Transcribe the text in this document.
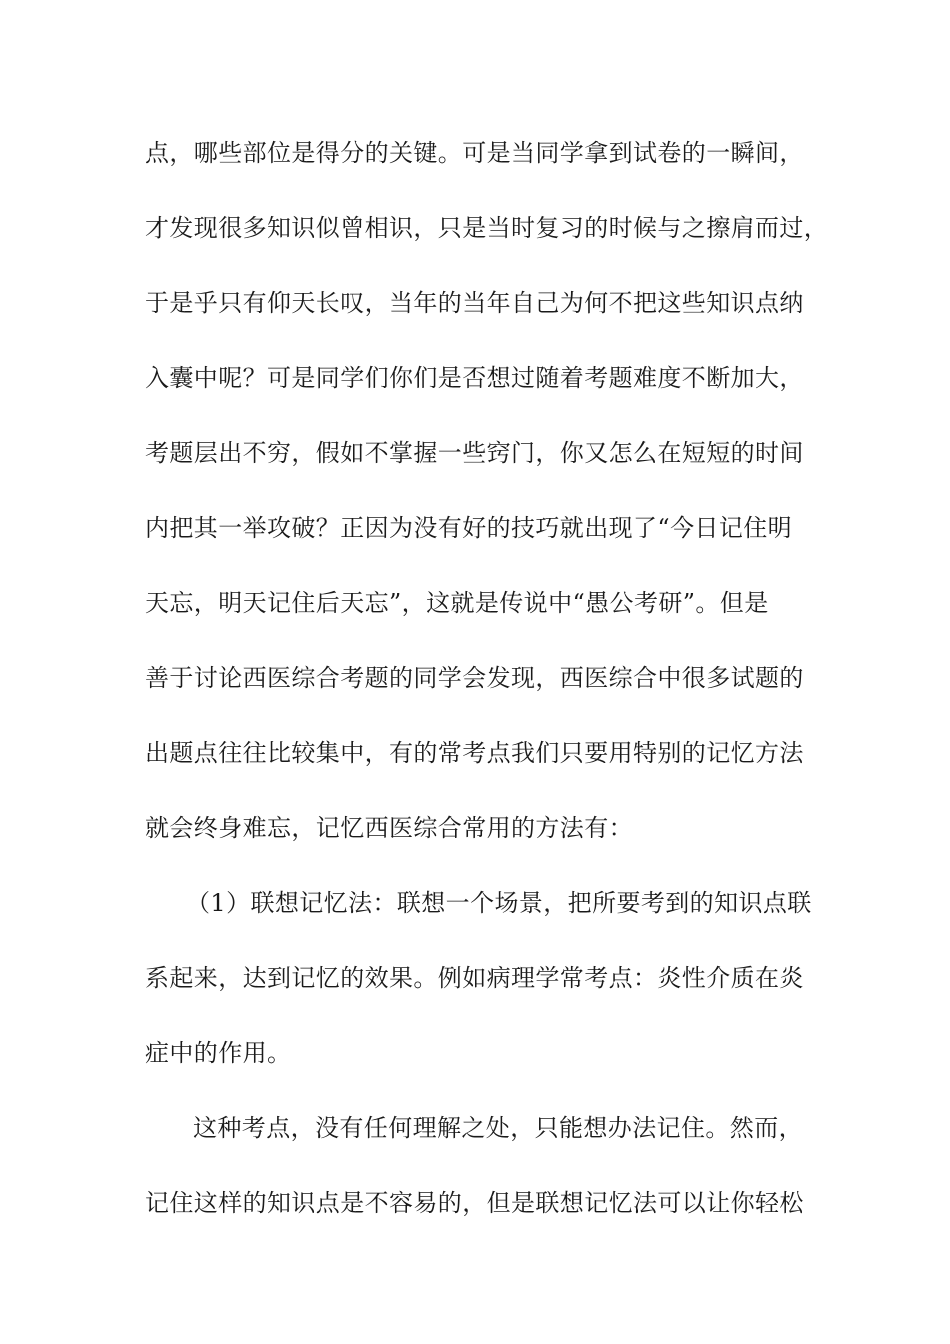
点，哪些部位是得分的关键。可是当同学拿到试卷的一瞬间，
才发现很多知识似曾相识，只是当时复习的时候与之擦肩而过，
于是乎只有仰天长叹，当年的当年自己为何不把这些知识点纳
入囊中呢？可是同学们你们是否想过随着考题难度不断加大，
考题层出不穷，假如不掌握一些窍门，你又怎么在短短的时间
内把其一举攻破？正因为没有好的技巧就出现了“今日记住明
天忘，明天记住后天忘”，这就是传说中“愚公考研”。但是
善于讨论西医综合考题的同学会发现，西医综合中很多试题的
出题点往往比较集中，有的常考点我们只要用特别的记忆方法
就会终身难忘，记忆西医综合常用的方法有：
（1）联想记忆法：联想一个场景，把所要考到的知识点联
系起来，达到记忆的效果。例如病理学常考点：炎性介质在炎
症中的作用。
这种考点，没有任何理解之处，只能想办法记住。然而，
记住这样的知识点是不容易的，但是联想记忆法可以让你轻松
